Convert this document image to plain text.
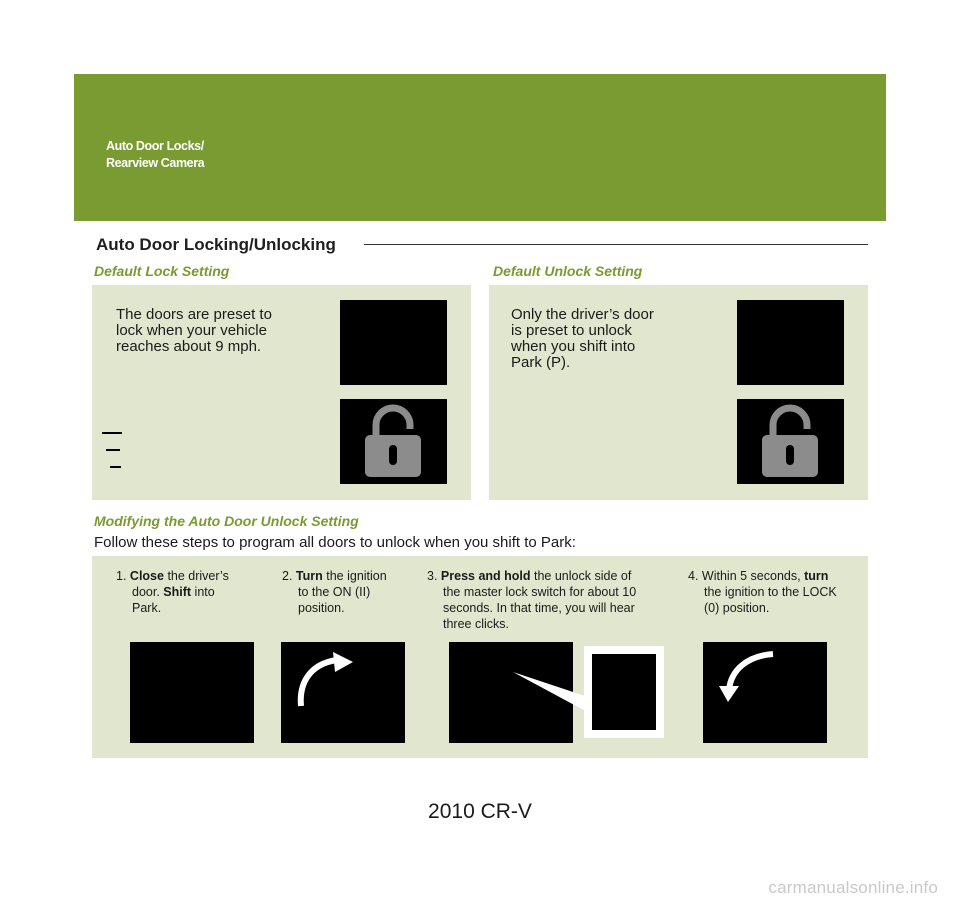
Auto Door Locks/
Rearview Camera
Auto Door Locking/Unlocking
Default Lock Setting
The doors are preset to
lock when your vehicle
reaches about 9 mph.
Default Unlock Setting
Only the driver’s door
is preset to unlock
when you shift into
Park (P).
Modifying the Auto Door Unlock Setting
Follow these steps to program all doors to unlock when you shift to Park:
1. Close the driver’s
door. Shift into
Park.
2. Turn the ignition
to the ON (II)
position.
3. Press and hold the unlock side of
the master lock switch for about 10
seconds. In that time, you will hear
three clicks.
4. Within 5 seconds, turn
the ignition to the LOCK
(0) position.
2010 CR-V
carmanualsonline.info
